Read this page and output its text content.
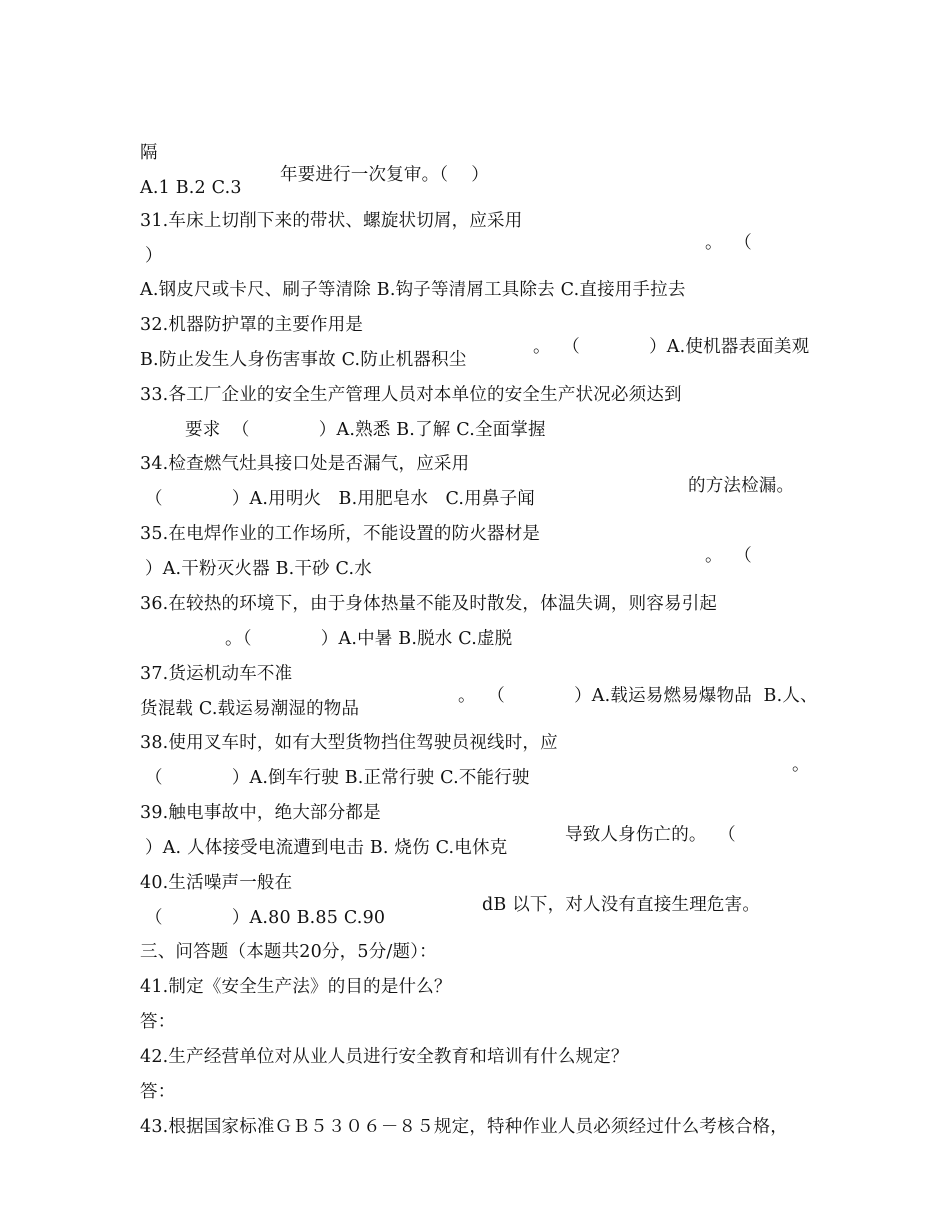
隔

年要进行一次复审。（    ）

A.1 B.2 C.3

31.车床上切削下来的带状、螺旋状切屑，应采用

。  （

）

A.钢皮尺或卡尺、刷子等清除 B.钩子等清屑工具除去 C.直接用手拉去

32.机器防护罩的主要作用是

。  （            ）A.使机器表面美观

B.防止发生人身伤害事故 C.防止机器积尘

33.各工厂企业的安全生产管理人员对本单位的安全生产状况必须达到

要求  （            ）A.熟悉 B.了解 C.全面掌握

34.检查燃气灶具接口处是否漏气，应采用

的方法检漏。

（            ）A.用明火   B.用肥皂水   C.用鼻子闻

35.在电焊作业的工作场所，不能设置的防火器材是

。  （

）A.干粉灭火器 B.干砂 C.水

36.在较热的环境下，由于身体热量不能及时散发，体温失调，则容易引起

。（            ）A.中暑 B.脱水 C.虚脱

37.货运机动车不准

。  （            ）A.载运易燃易爆物品  B.人、

货混载 C.载运易潮湿的物品

38.使用叉车时，如有大型货物挡住驾驶员视线时，应

。

（            ）A.倒车行驶 B.正常行驶 C.不能行驶

39.触电事故中，绝大部分都是

导致人身伤亡的。  （

）A. 人体接受电流遭到电击 B. 烧伤 C.电休克

40.生活噪声一般在

dB 以下，对人没有直接生理危害。

（            ）A.80 B.85 C.90

三、问答题（本题共20分，5分/题）：

41.制定《安全生产法》的目的是什么？

答：

42.生产经营单位对从业人员进行安全教育和培训有什么规定？

答：

43.根据国家标准ＧＢ５３０６－８５规定，特种作业人员必须经过什么考核合格，
